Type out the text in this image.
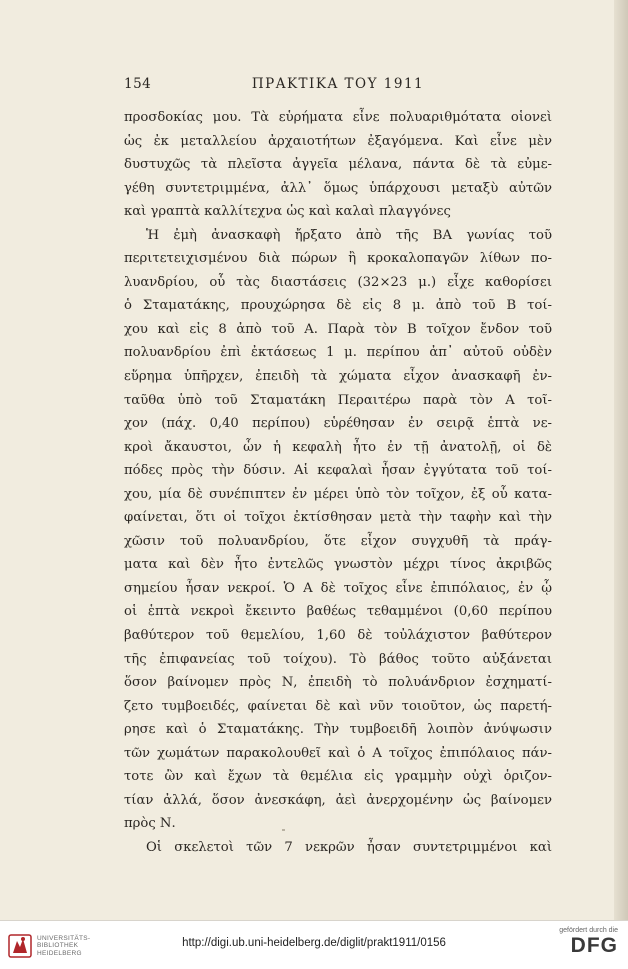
154	ΠΡΑΚΤΙΚΑ ΤΟΥ 1911
προσδοκίας μου. Τὰ εὑρήματα εἶνε πολυαριθμότατα οἱονεὶ
ὡς ἐκ μεταλλείου ἀρχαιοτήτων ἐξαγόμενα. Καὶ εἶνε μὲν
δυστυχῶς τὰ πλεῖστα ἀγγεῖα μέλανα, πάντα δὲ τὰ εὐμε-
γέθη συντετριμμένα, ἀλλ᾿ ὅμως ὑπάρχουσι μεταξὺ αὐτῶν
καὶ γραπτὰ καλλίτεχνα ὡς καὶ καλαὶ πλαγγόνες
Ἡ ἐμὴ ἀνασκαφὴ ἤρξατο ἀπὸ τῆς ΒΑ γωνίας τοῦ
περιτετειχισμένου διὰ πώρων ἢ κροκαλοπαγῶν λίθων πο-
λυανδρίου, οὗ τὰς διαστάσεις (32×23 μ.) εἶχε καθορίσει
ὁ Σταματάκης, προυχώρησα δὲ εἰς 8 μ. ἀπὸ τοῦ Β τοί-
χου καὶ εἰς 8 ἀπὸ τοῦ Α. Παρὰ τὸν Β τοῖχον ἔνδον τοῦ
πολυανδρίου ἐπὶ ἐκτάσεως 1 μ. περίπου ἀπ᾿ αὐτοῦ οὐδὲν
εὕρημα ὑπῆρχεν, ἐπειδὴ τὰ χώματα εἶχον ἀνασκαφῆ ἐν-
ταῦθα ὑπὸ τοῦ Σταματάκη Περαιτέρω παρὰ τὸν Α τοῖ-
χον (πάχ. 0,40 περίπου) εὑρέθησαν ἐν σειρᾷ ἑπτὰ νε-
κροὶ ἄκαυστοι, ὧν ἡ κεφαλὴ ἦτο ἐν τῇ ἀνατολῇ, οἱ δὲ
πόδες πρὸς τὴν δύσιν. Αἱ κεφαλαὶ ἦσαν ἐγγύτατα τοῦ τοί-
χου, μία δὲ συνέπιπτεν ἐν μέρει ὑπὸ τὸν τοῖχον, ἐξ οὗ κατα-
φαίνεται, ὅτι οἱ τοῖχοι ἐκτίσθησαν μετὰ τὴν ταφὴν καὶ τὴν
χῶσιν τοῦ πολυανδρίου, ὅτε εἶχον συγχυθῆ τὰ πράγ-
ματα καὶ δὲν ἦτο ἐντελῶς γνωστὸν μέχρι τίνος ἀκριβῶς
σημείου ἦσαν νεκροί. Ὁ Α δὲ τοῖχος εἶνε ἐπιπόλαιος, ἐν ᾧ
οἱ ἑπτὰ νεκροὶ ἔκειντο βαθέως τεθαμμένοι (0,60 περίπου
βαθύτερον τοῦ θεμελίου, 1,60 δὲ τοὐλάχιστον βαθύτερον
τῆς ἐπιφανείας τοῦ τοίχου). Τὸ βάθος τοῦτο αὐξάνεται
ὅσον βαίνομεν πρὸς Ν, ἐπειδὴ τὸ πολυάνδριον ἐσχηματί-
ζετο τυμβοειδές, φαίνεται δὲ καὶ νῦν τοιοῦτον, ὡς παρετή-
ρησε καὶ ὁ Σταματάκης. Τὴν τυμβοειδῆ λοιπὸν ἀνύψωσιν
τῶν χωμάτων παρακολουθεῖ καὶ ὁ Α τοῖχος ἐπιπόλαιος πάν-
τοτε ὢν καὶ ἔχων τὰ θεμέλια εἰς γραμμὴν οὐχὶ ὁριζον-
τίαν ἀλλά, ὅσον ἀνεσκάφη, ἀεὶ ἀνερχομένην ὡς βαίνομεν
πρὸς Ν.
Οἱ σκελετοὶ τῶν 7 νεκρῶν ἦσαν συντετριμμένοι καὶ
UNIVERSITÄTS-
BIBLIOTHEK
HEIDELBERG
http://digi.ub.uni-heidelberg.de/diglit/prakt1911/0156
gefördert durch die
DFG
